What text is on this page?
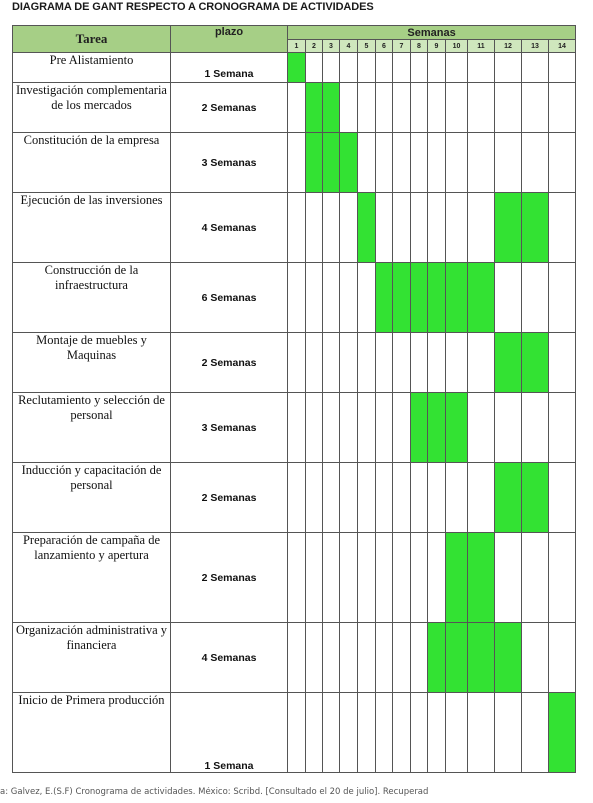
DIAGRAMA DE GANT RESPECTO A CRONOGRAMA DE ACTIVIDADES
Tarea	plazo	Semanas													
		1	2	3	4	5	6	7	8	9	10	11	12	13	14
Pre Alistamiento	1 Semana														
Investigación complementaria de los mercados	2 Semanas														
Constitución de la empresa	3 Semanas														
Ejecución de las inversiones	4 Semanas														
Construcción de la infraestructura	6 Semanas														
Montaje de muebles y Maquinas	2 Semanas														
Reclutamiento y selección de personal	3 Semanas														
Inducción y capacitación de personal	2 Semanas														
Preparación de campaña de lanzamiento y apertura	2 Semanas														
Organización administrativa y financiera	4 Semanas														
Inicio de Primera producción	1 Semana														
a: Galvez, E.(S.F) Cronograma de actividades. México: Scribd. [Consultado el 20 de julio]. Recuperad
